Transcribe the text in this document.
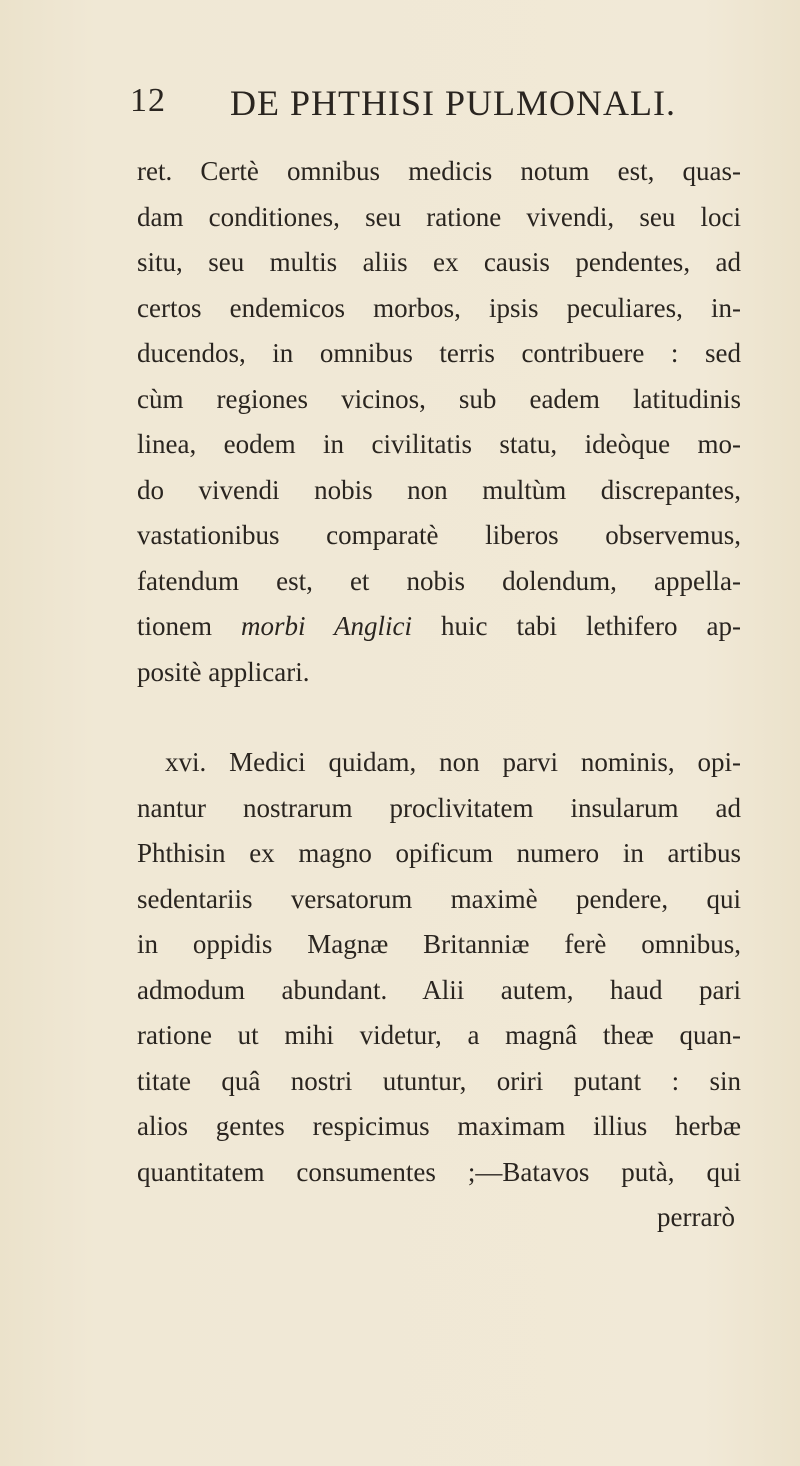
12 DE PHTHISI PULMONALI.
ret. Certè omnibus medicis notum est, quas-
dam conditiones, seu ratione vivendi, seu loci
situ, seu multis aliis ex causis pendentes, ad
certos endemicos morbos, ipsis peculiares, in-
ducendos, in omnibus terris contribuere : sed
cùm regiones vicinos, sub eadem latitudinis
linea, eodem in civilitatis statu, ideòque mo-
do vivendi nobis non multùm discrepantes,
vastationibus comparatè liberos observemus,
fatendum est, et nobis dolendum, appella-
tionem morbi Anglici huic tabi lethifero ap-
positè applicari.
xvi. Medici quidam, non parvi nominis, opi-
nantur nostrarum proclivitatem insularum ad
Phthisin ex magno opificum numero in artibus
sedentariis versatorum maximè pendere, qui
in oppidis Magnæ Britanniæ ferè omnibus,
admodum abundant. Alii autem, haud pari
ratione ut mihi videtur, a magnâ theæ quan-
titate quâ nostri utuntur, oriri putant : sin
alios gentes respicimus maximam illius herbæ
quantitatem consumentes ;—Batavos putà, qui
perrarò
